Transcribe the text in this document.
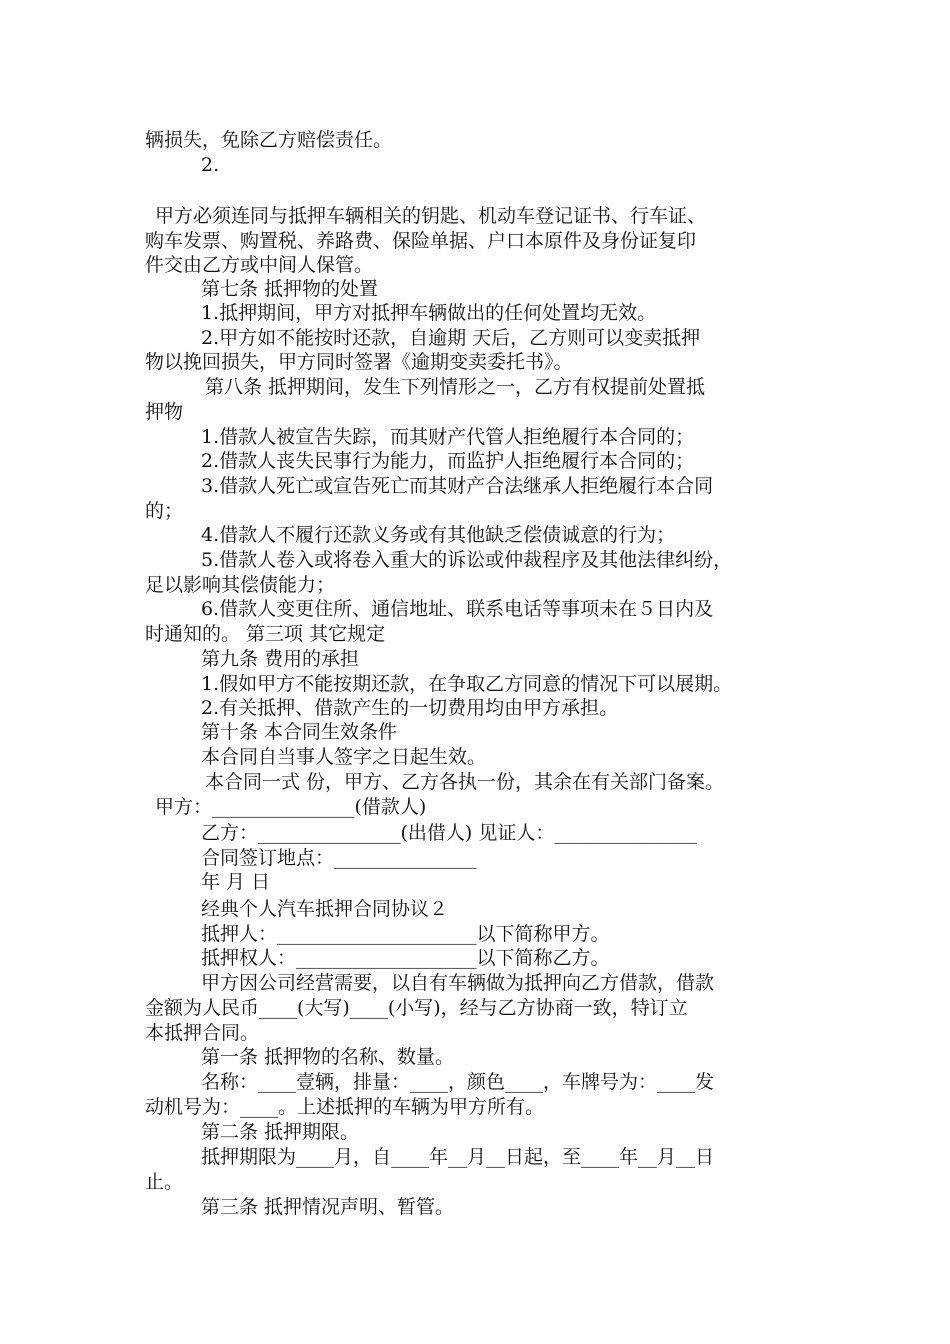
辆损失，免除乙方赔偿责任。
2.
甲方必须连同与抵押车辆相关的钥匙、机动车登记证书、行车证、
购车发票、购置税、养路费、保险单据、户口本原件及身份证复印
件交由乙方或中间人保管。
第七条 抵押物的处置
1.抵押期间，甲方对抵押车辆做出的任何处置均无效。
2.甲方如不能按时还款，自逾期 天后，乙方则可以变卖抵押
物以挽回损失，甲方同时签署《逾期变卖委托书》。
第八条 抵押期间，发生下列情形之一，乙方有权提前处置抵
押物
1.借款人被宣告失踪，而其财产代管人拒绝履行本合同的；
2.借款人丧失民事行为能力，而监护人拒绝履行本合同的；
3.借款人死亡或宣告死亡而其财产合法继承人拒绝履行本合同
的；
4.借款人不履行还款义务或有其他缺乏偿债诚意的行为；
5.借款人卷入或将卷入重大的诉讼或仲裁程序及其他法律纠纷，
足以影响其偿债能力；
6.借款人变更住所、通信地址、联系电话等事项未在５日内及
时通知的。 第三项 其它规定
第九条 费用的承担
1.假如甲方不能按期还款，在争取乙方同意的情况下可以展期。
2.有关抵押、借款产生的一切费用均由甲方承担。
第十条 本合同生效条件
本合同自当事人签字之日起生效。
本合同一式 份，甲方、乙方各执一份，其余在有关部门备案。
甲方：_______________(借款人)
乙方：_______________(出借人) 见证人：_______________
合同签订地点：_______________
年 月 日
经典个人汽车抵押合同协议２
抵押人：_____________________以下简称甲方。
抵押权人：___________________以下简称乙方。
甲方因公司经营需要，以自有车辆做为抵押向乙方借款，借款
金额为人民币____(大写)____(小写)，经与乙方协商一致，特订立
本抵押合同。
第一条 抵押物的名称、数量。
名称：____壹辆，排量：____，颜色____，车牌号为：____发
动机号为：____。上述抵押的车辆为甲方所有。
第二条 抵押期限。
抵押期限为____月，自____年__月__日起，至____年__月__日
止。
第三条 抵押情况声明、暂管。
